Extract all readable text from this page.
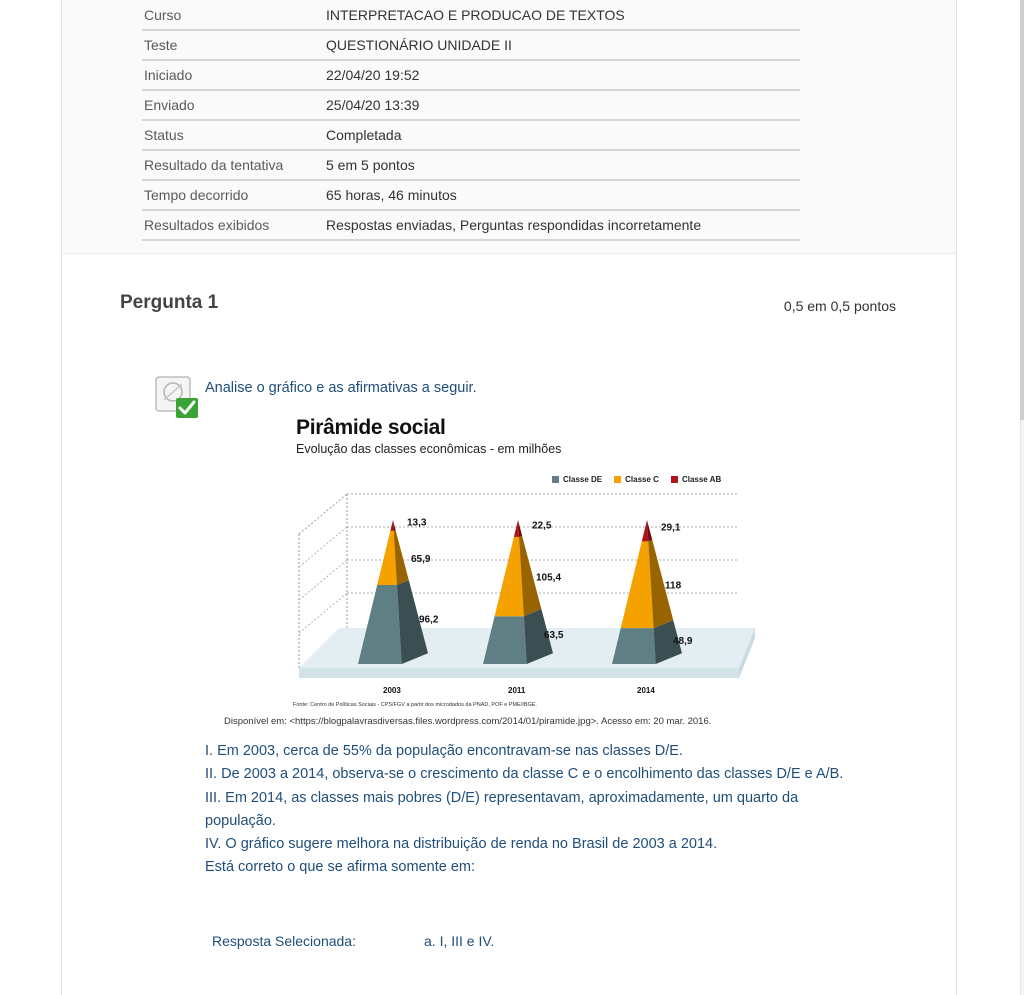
Curso	INTERPRETACAO E PRODUCAO DE TEXTOS
Teste	QUESTIONÁRIO UNIDADE II
Iniciado	22/04/20 19:52
Enviado	25/04/20 13:39
Status	Completada
Resultado da tentativa	5 em 5 pontos
Tempo decorrido	65 horas, 46 minutos
Resultados exibidos	Respostas enviadas, Perguntas respondidas incorretamente
Pergunta 1	0,5 em 0,5 pontos
Analise o gráfico e as afirmativas a seguir.
96,2
65,9
13,3
2003
63,5
105,4
22,5
2011
48,9
118
29,1
2014
Pirâmide social
Evolução das classes econômicas - em milhões
Classe DE	Classe C	Classe AB
Fonte: Centro de Políticas Sociais - CPS/FGV a partir dos microdados da PNAD, POF e PME/IBGE.
Disponível em: <https://blogpalavrasdiversas.files.wordpress.com/2014/01/piramide.jpg>. Acesso em: 20 mar. 2016.
I. Em 2003, cerca de 55% da população encontravam-se nas classes D/E.
II. De 2003 a 2014, observa-se o crescimento da classe C e o encolhimento das classes D/E e A/B.
III. Em 2014, as classes mais pobres (D/E) representavam, aproximadamente, um quarto da população.
IV. O gráfico sugere melhora na distribuição de renda no Brasil de 2003 a 2014.
Está correto o que se afirma somente em:
Resposta Selecionada:	a. I, III e IV.
